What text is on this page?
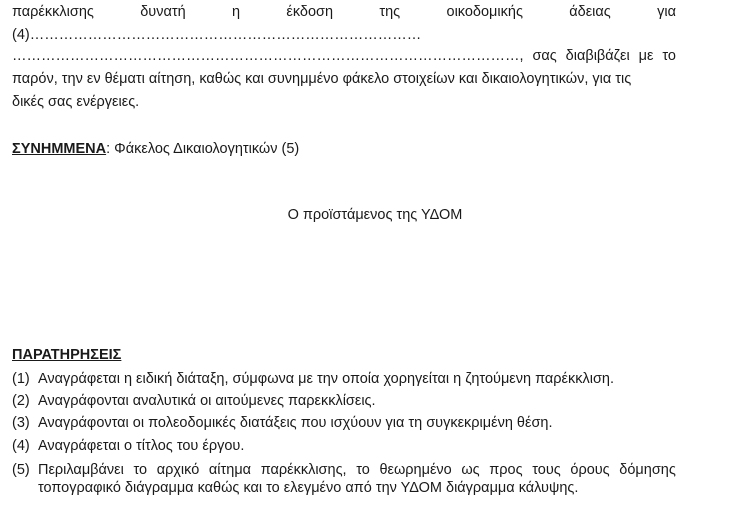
παρέκκλισης	δυνατή	η	έκδοση	της	οικοδομικής	άδειας	για
(4)………………………………………………………………………
……………………………………………………………………………………………, σας διαβιβάζει με το
παρόν, την εν θέματι αίτηση, καθώς και συνημμένο φάκελο στοιχείων και δικαιολογητικών, για τις
δικές σας ενέργειες.
ΣΥΝΗΜΜΕΝΑ: Φάκελος Δικαιολογητικών (5)
Ο προϊστάμενος της ΥΔΟΜ
ΠΑΡΑΤΗΡΗΣΕΙΣ
(1) Αναγράφεται η ειδική διάταξη, σύμφωνα με την οποία χορηγείται η ζητούμενη παρέκκλιση.
(2) Αναγράφονται αναλυτικά οι αιτούμενες παρεκκλίσεις.
(3) Αναγράφονται οι πολεοδομικές διατάξεις που ισχύουν για τη συγκεκριμένη θέση.
(4) Αναγράφεται ο τίτλος του έργου.
(5) Περιλαμβάνει το αρχικό αίτημα παρέκκλισης, το θεωρημένο ως προς τους όρους δόμησης
τοπογραφικό διάγραμμα καθώς και το ελεγμένο από την ΥΔΟΜ διάγραμμα κάλυψης.
